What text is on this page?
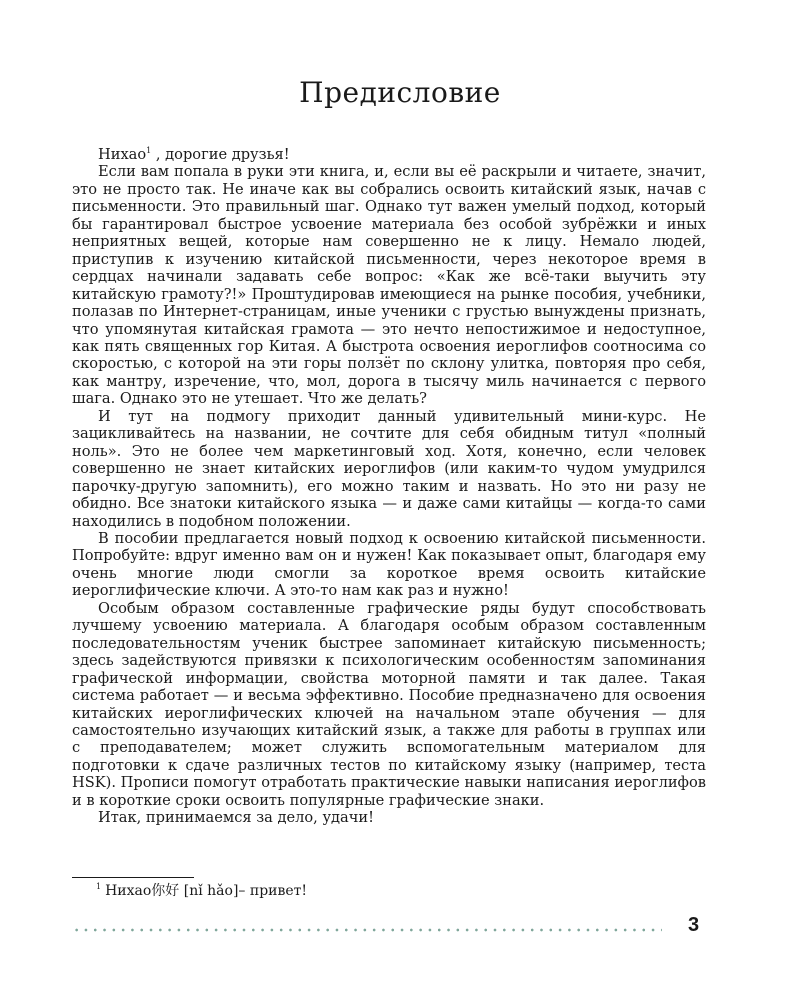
Предисловие

Нихао$^1$ , дорогие друзья!

Если вам попала в руки эти книга, и, если вы её раскрыли и читаете, значит, это не просто так. Не иначе как вы собрались освоить китайский язык, начав с письменности. Это правильный шаг. Однако тут важен умелый подход, который бы гарантировал быстрое усвоение материала без особой зубрёжки и иных неприятных вещей, которые нам совершенно не к лицу. Немало людей, приступив к изучению китайской письменности, через некоторое время в сердцах начинали задавать себе вопрос: «Как же всё-таки выучить эту китайскую грамоту?!» Проштудировав имеющиеся на рынке пособия, учебники, полазав по Интернет-страницам, иные ученики с грустью вынуждены признать, что упомянутая китайская грамота — это нечто непостижимое и недоступное, как пять священных гор Китая. А быстрота освоения иероглифов соотносима со скоростью, с которой на эти горы ползёт по склону улитка, повторяя про себя, как мантру, изречение, что, мол, дорога в тысячу миль начинается с первого шага. Однако это не утешает. Что же делать?

И тут на подмогу приходит данный удивительный мини-курс. Не зацикливайтесь на названии, не сочтите для себя обидным титул «полный ноль». Это не более чем маркетинговый ход. Хотя, конечно, если человек совершенно не знает китайских иероглифов (или каким-то чудом умудрился парочку-другую запомнить), его можно таким и назвать. Но это ни разу не обидно. Все знатоки китайского языка — и даже сами китайцы — когда-то сами находились в подобном положении.

В пособии предлагается новый подход к освоению китайской письменности. Попробуйте: вдруг именно вам он и нужен! Как показывает опыт, благодаря ему очень многие люди смогли за короткое время освоить китайские иероглифические ключи. А это-то нам как раз и нужно!

Особым образом составленные графические ряды будут способствовать лучшему усвоению материала. А благодаря особым образом составленным последовательностям ученик быстрее запоминает китайскую письменность; здесь задействуются привязки к психологическим особенностям запоминания графической информации, свойства моторной памяти и так далее. Такая система работает — и весьма эффективно. Пособие предназначено для освоения китайских иероглифических ключей на начальном этапе обучения — для самостоятельно изучающих китайский язык, а также для работы в группах или с преподавателем; может служить вспомогательным материалом для подготовки к сдаче различных тестов по китайскому языку (например, теста HSK). Прописи помогут отработать практические навыки написания иероглифов и в короткие сроки освоить популярные графические знаки.

Итак, принимаемся за дело, удачи!

$^1$ Нихао你好 [nǐ hǎo]– привет!
3
